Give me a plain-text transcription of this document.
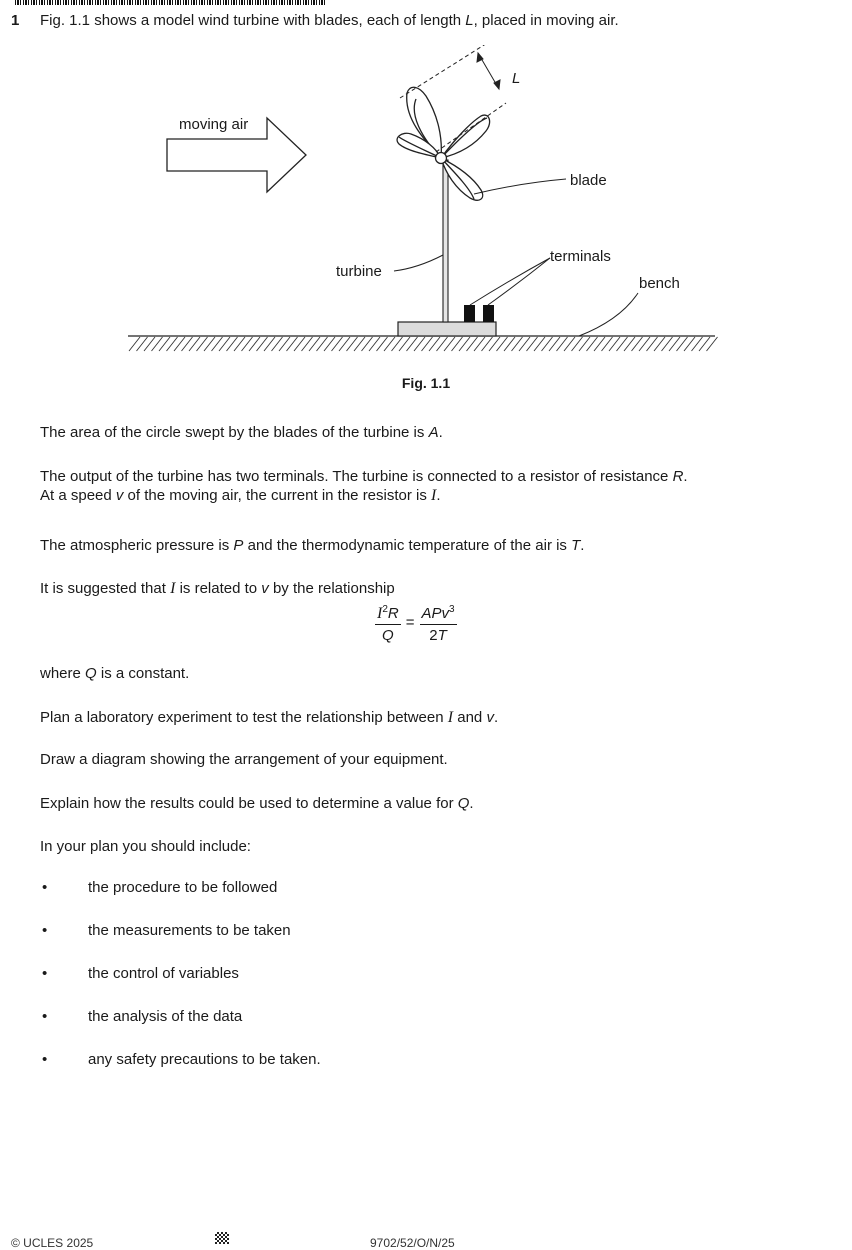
1 Fig. 1.1 shows a model wind turbine with blades, each of length L, placed in moving air.
L
moving air
blade
terminals
turbine
bench
Fig. 1.1
The area of the circle swept by the blades of the turbine is A.
The output of the turbine has two terminals. The turbine is connected to a resistor of resistance R.
At a speed v of the moving air, the current in the resistor is I.
The atmospheric pressure is P and the thermodynamic temperature of the air is T.
It is suggested that I is related to v by the relationship
$\frac{I^2R}{Q} = \frac{APv^3}{2T}$
where Q is a constant.
Plan a laboratory experiment to test the relationship between I and v.
Draw a diagram showing the arrangement of your equipment.
Explain how the results could be used to determine a value for Q.
In your plan you should include:
•	the procedure to be followed
•	the measurements to be taken
•	the control of variables
•	the analysis of the data
•	any safety precautions to be taken.
© UCLES 2025	9702/52/O/N/25
